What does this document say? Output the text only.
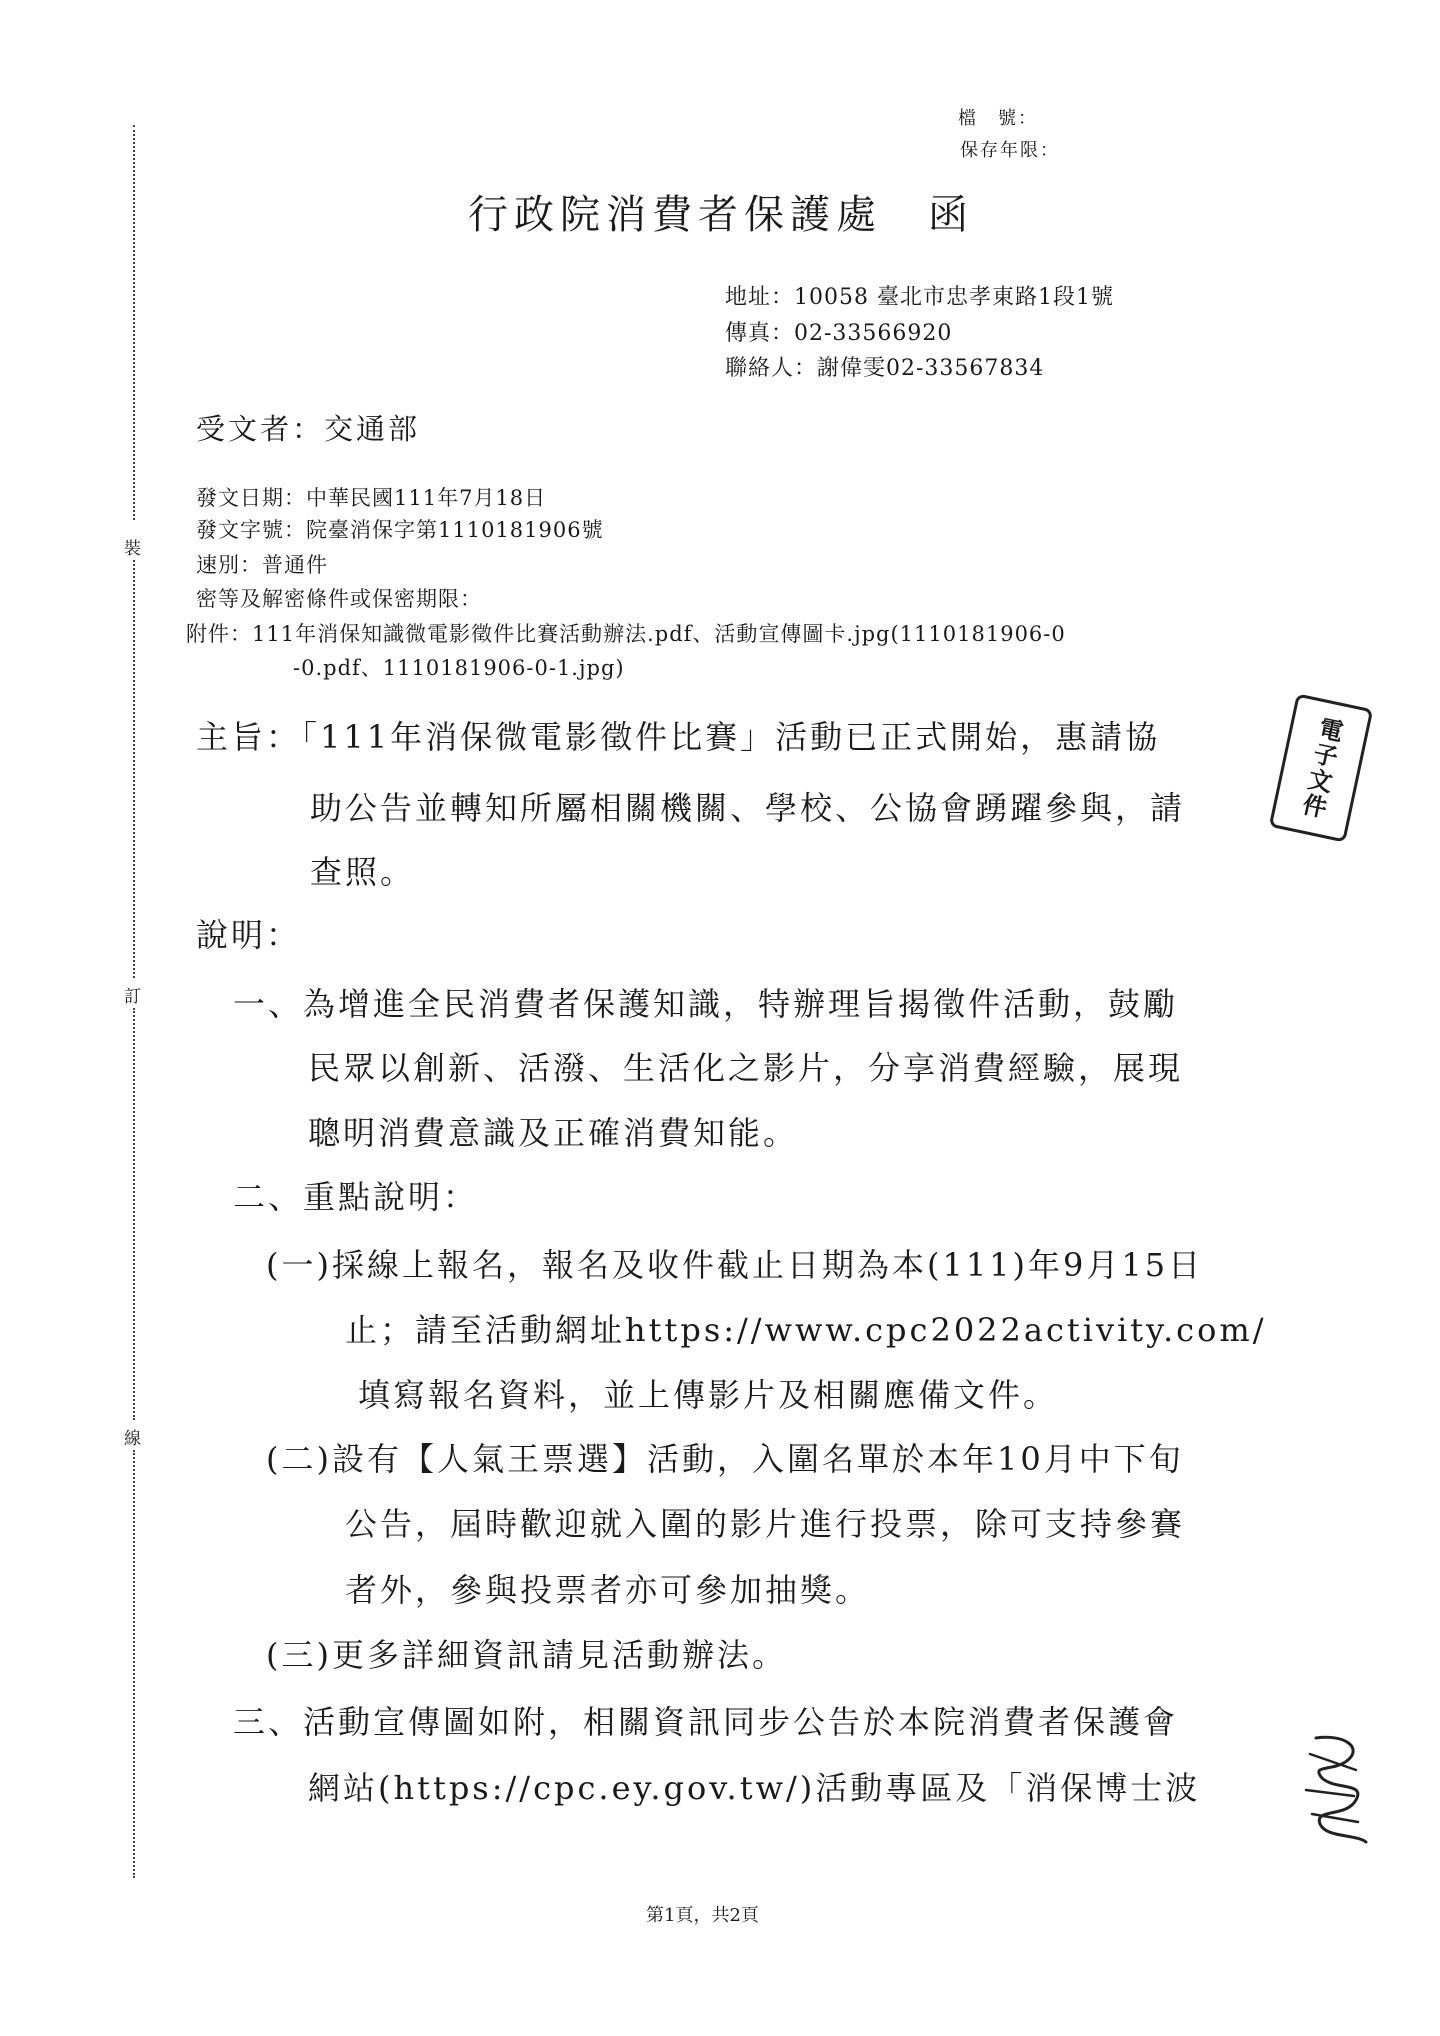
裝
訂
線
檔　號：
保存年限：
行政院消費者保護處　函
地址：10058 臺北市忠孝東路1段1號
傳真：02-33566920
聯絡人：謝偉雯02-33567834
受文者：交通部
發文日期：中華民國111年7月18日
發文字號：院臺消保字第1110181906號
速別：普通件
密等及解密條件或保密期限：
附件：111年消保知識微電影徵件比賽活動辦法.pdf、活動宣傳圖卡.jpg(1110181906-0
-0.pdf、1110181906-0-1.jpg)
主旨：「111年消保微電影徵件比賽」活動已正式開始，惠請協
助公告並轉知所屬相關機關、學校、公協會踴躍參與，請
查照。
說明：
一、為增進全民消費者保護知識，特辦理旨揭徵件活動，鼓勵
民眾以創新、活潑、生活化之影片，分享消費經驗，展現
聰明消費意識及正確消費知能。
二、重點說明：
(一)採線上報名，報名及收件截止日期為本(111)年9月15日
止；請至活動網址https://www.cpc2022activity.com/
填寫報名資料，並上傳影片及相關應備文件。
(二)設有【人氣王票選】活動，入圍名單於本年10月中下旬
公告，屆時歡迎就入圍的影片進行投票，除可支持參賽
者外，參與投票者亦可參加抽獎。
(三)更多詳細資訊請見活動辦法。
三、活動宣傳圖如附，相關資訊同步公告於本院消費者保護會
網站(https://cpc.ey.gov.tw/)活動專區及「消保博士波
電子文件
第1頁，共2頁
